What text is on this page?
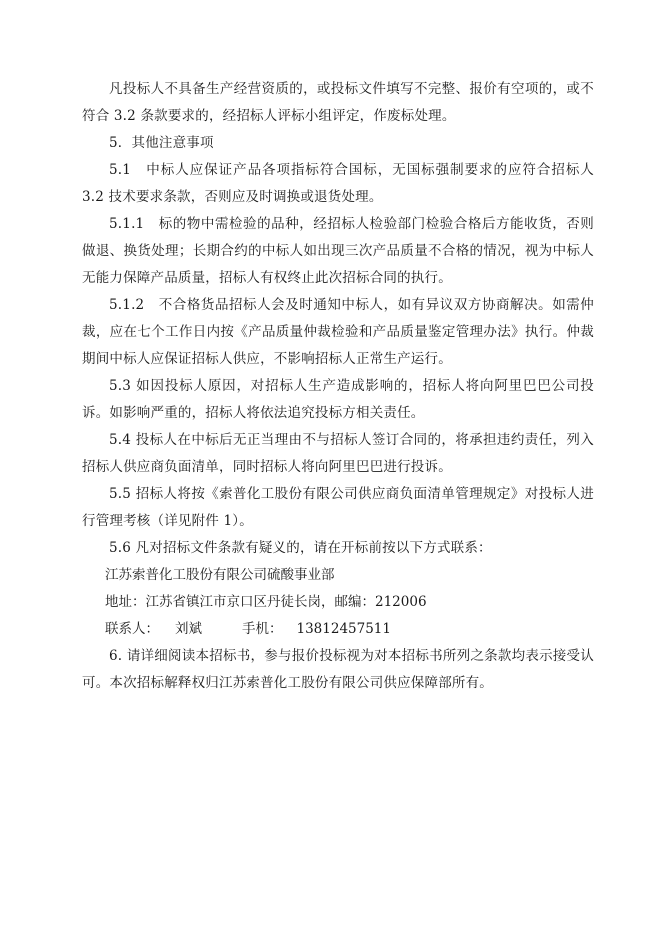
凡投标人不具备生产经营资质的，或投标文件填写不完整、报价有空项的，或不符合 3.2 条款要求的，经招标人评标小组评定，作废标处理。

5．其他注意事项

5.1　中标人应保证产品各项指标符合国标，无国标强制要求的应符合招标人 3.2 技术要求条款，否则应及时调换或退货处理。

5.1.1　标的物中需检验的品种，经招标人检验部门检验合格后方能收货，否则做退、换货处理；长期合约的中标人如出现三次产品质量不合格的情况，视为中标人无能力保障产品质量，招标人有权终止此次招标合同的执行。

5.1.2　不合格货品招标人会及时通知中标人，如有异议双方协商解决。如需仲裁，应在七个工作日内按《产品质量仲裁检验和产品质量鉴定管理办法》执行。仲裁期间中标人应保证招标人供应，不影响招标人正常生产运行。

5.3 如因投标人原因，对招标人生产造成影响的，招标人将向阿里巴巴公司投诉。如影响严重的，招标人将依法追究投标方相关责任。

5.4 投标人在中标后无正当理由不与招标人签订合同的，将承担违约责任，列入招标人供应商负面清单，同时招标人将向阿里巴巴进行投诉。

5.5 招标人将按《索普化工股份有限公司供应商负面清单管理规定》对投标人进行管理考核（详见附件 1）。

5.6 凡对招标文件条款有疑义的，请在开标前按以下方式联系：

江苏索普化工股份有限公司硫酸事业部

地址：江苏省镇江市京口区丹徒长岗，邮编：212006

联系人： 刘斌	手机： 13812457511

6. 请详细阅读本招标书，参与报价投标视为对本招标书所列之条款均表示接受认可。本次招标解释权归江苏索普化工股份有限公司供应保障部所有。
